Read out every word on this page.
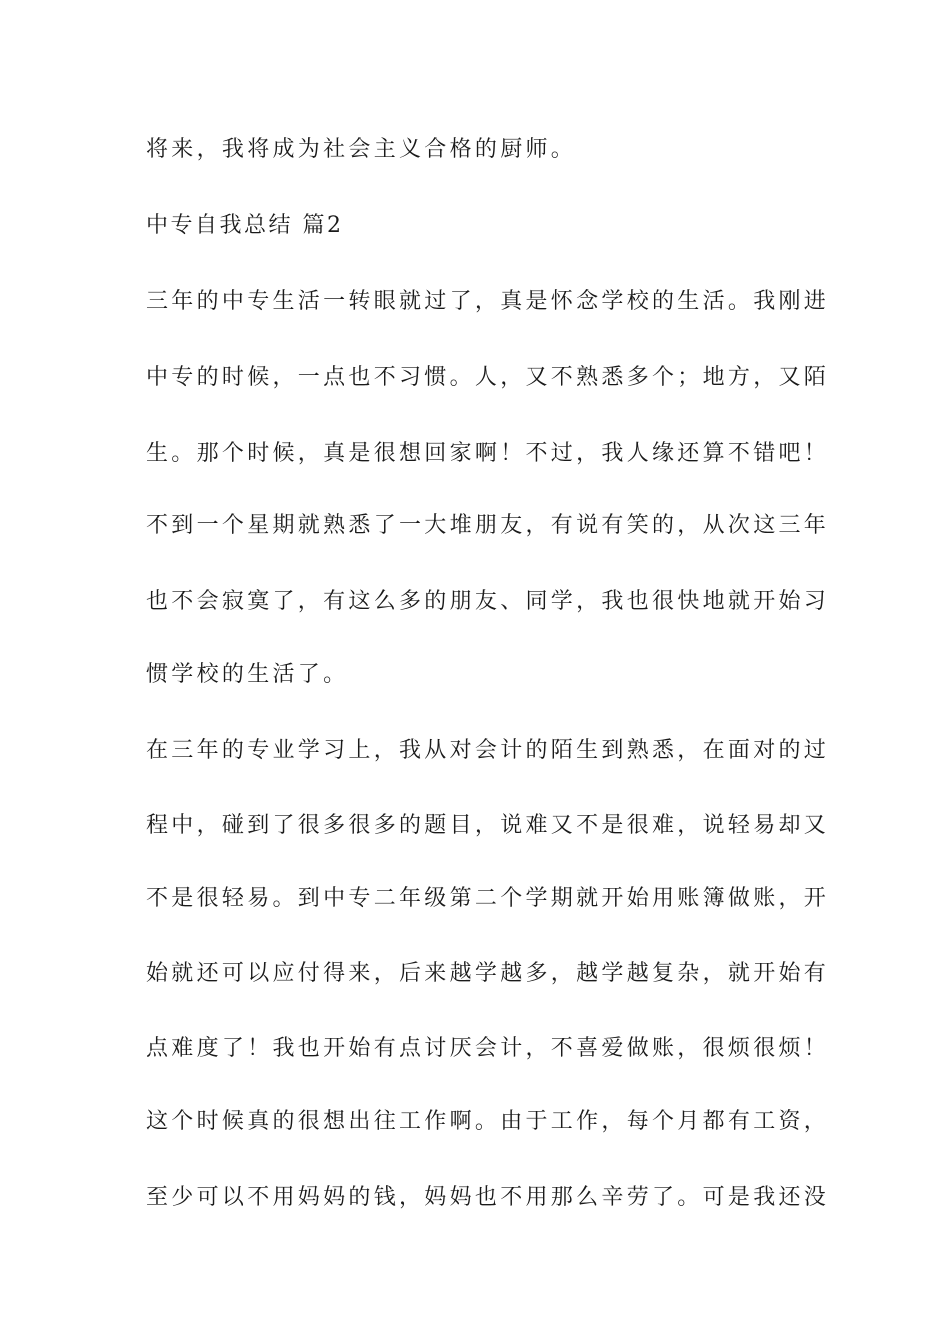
将来，我将成为社会主义合格的厨师。
中专自我总结 篇2
三年的中专生活一转眼就过了，真是怀念学校的生活。我刚进
中专的时候，一点也不习惯。人，又不熟悉多个；地方，又陌
生。那个时候，真是很想回家啊！不过，我人缘还算不错吧！
不到一个星期就熟悉了一大堆朋友，有说有笑的，从次这三年
也不会寂寞了，有这么多的朋友、同学，我也很快地就开始习
惯学校的生活了。
在三年的专业学习上，我从对会计的陌生到熟悉，在面对的过
程中，碰到了很多很多的题目，说难又不是很难，说轻易却又
不是很轻易。到中专二年级第二个学期就开始用账簿做账，开
始就还可以应付得来，后来越学越多，越学越复杂，就开始有
点难度了！我也开始有点讨厌会计，不喜爱做账，很烦很烦！
这个时候真的很想出往工作啊。由于工作，每个月都有工资，
至少可以不用妈妈的钱，妈妈也不用那么辛劳了。可是我还没
